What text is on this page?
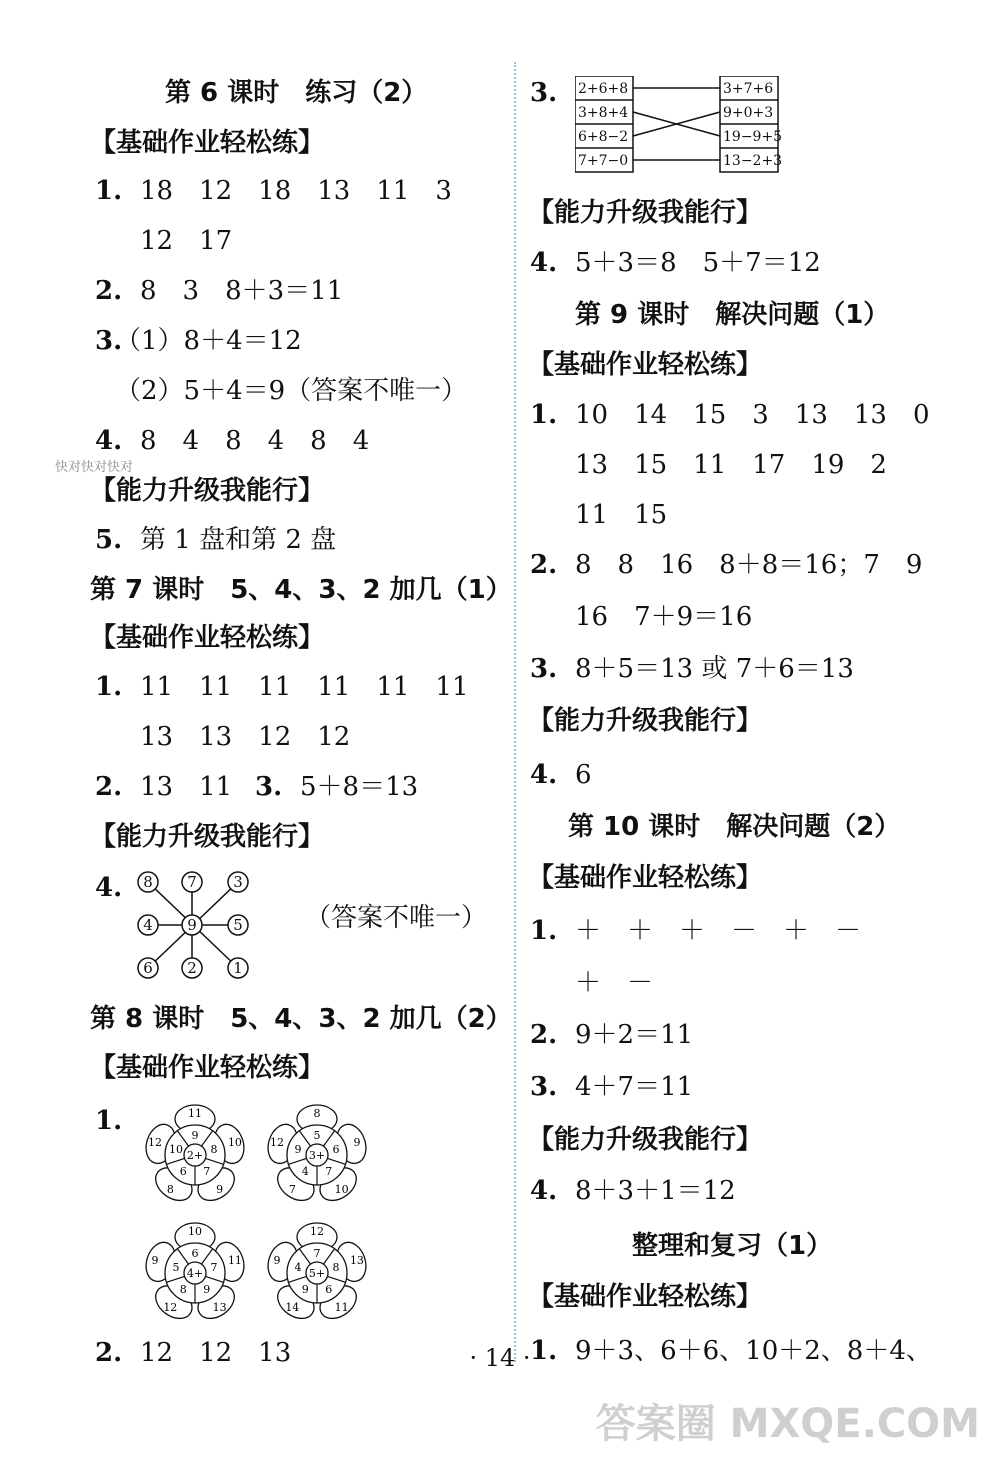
第 6 课时　练习（2）
【基础作业轻松练】
1. 18　12　18　13　11　3
12　17
2. 8　3　8＋3＝11
3.
（1）8＋4＝12
（2）5＋4＝9（答案不唯一）
4. 8　4　8　4　8　4
【能力升级我能行】
5. 第 1 盘和第 2 盘
第 7 课时　5、4、3、2 加几（1）
【基础作业轻松练】
1. 11　11　11　11　11　11
13　13　12　12
2. 13　11 3. 5＋8＝13
【能力升级我能行】
4. 8 7 3
4 9 5
6 2 1
（答案不唯一）
第 8 课时　5、4、3、2 加几（2）
【基础作业轻松练】
1.
2+
9
8
7
6
10
11
10
9
8
12
3+
5
6
7
4
9
8
9
10
7
12
4+
6
7
9
8
5
10
11
13
12
9
5+
7
8
6
9
4
12
13
11
14
9
2. 12　12　13
快对快对快对
3. 2+6+8
3+8+4
6+8−2
7+7−0
3+7+6
9+0+3
19−9+5
13−2+3
【能力升级我能行】
4. 5＋3＝8　5＋7＝12
第 9 课时　解决问题（1）
【基础作业轻松练】
1. 10　14　15　3　13　13　0
13　15　11　17　19　2
11　15
2. 8　8　16　8＋8＝16；7　9
16　7＋9＝16
3. 8＋5＝13 或 7＋6＝13
【能力升级我能行】
4. 6
第 10 课时　解决问题（2）
【基础作业轻松练】
1. ＋　＋　＋　－　＋　－
＋　－
2. 9＋2＝11
3. 4＋7＝11
【能力升级我能行】
4. 8＋3＋1＝12
整理和复习（1）
【基础作业轻松练】
1. 9＋3、6＋6、10＋2、8＋4、
· 14 ·
答案圈 MXQE.COM
